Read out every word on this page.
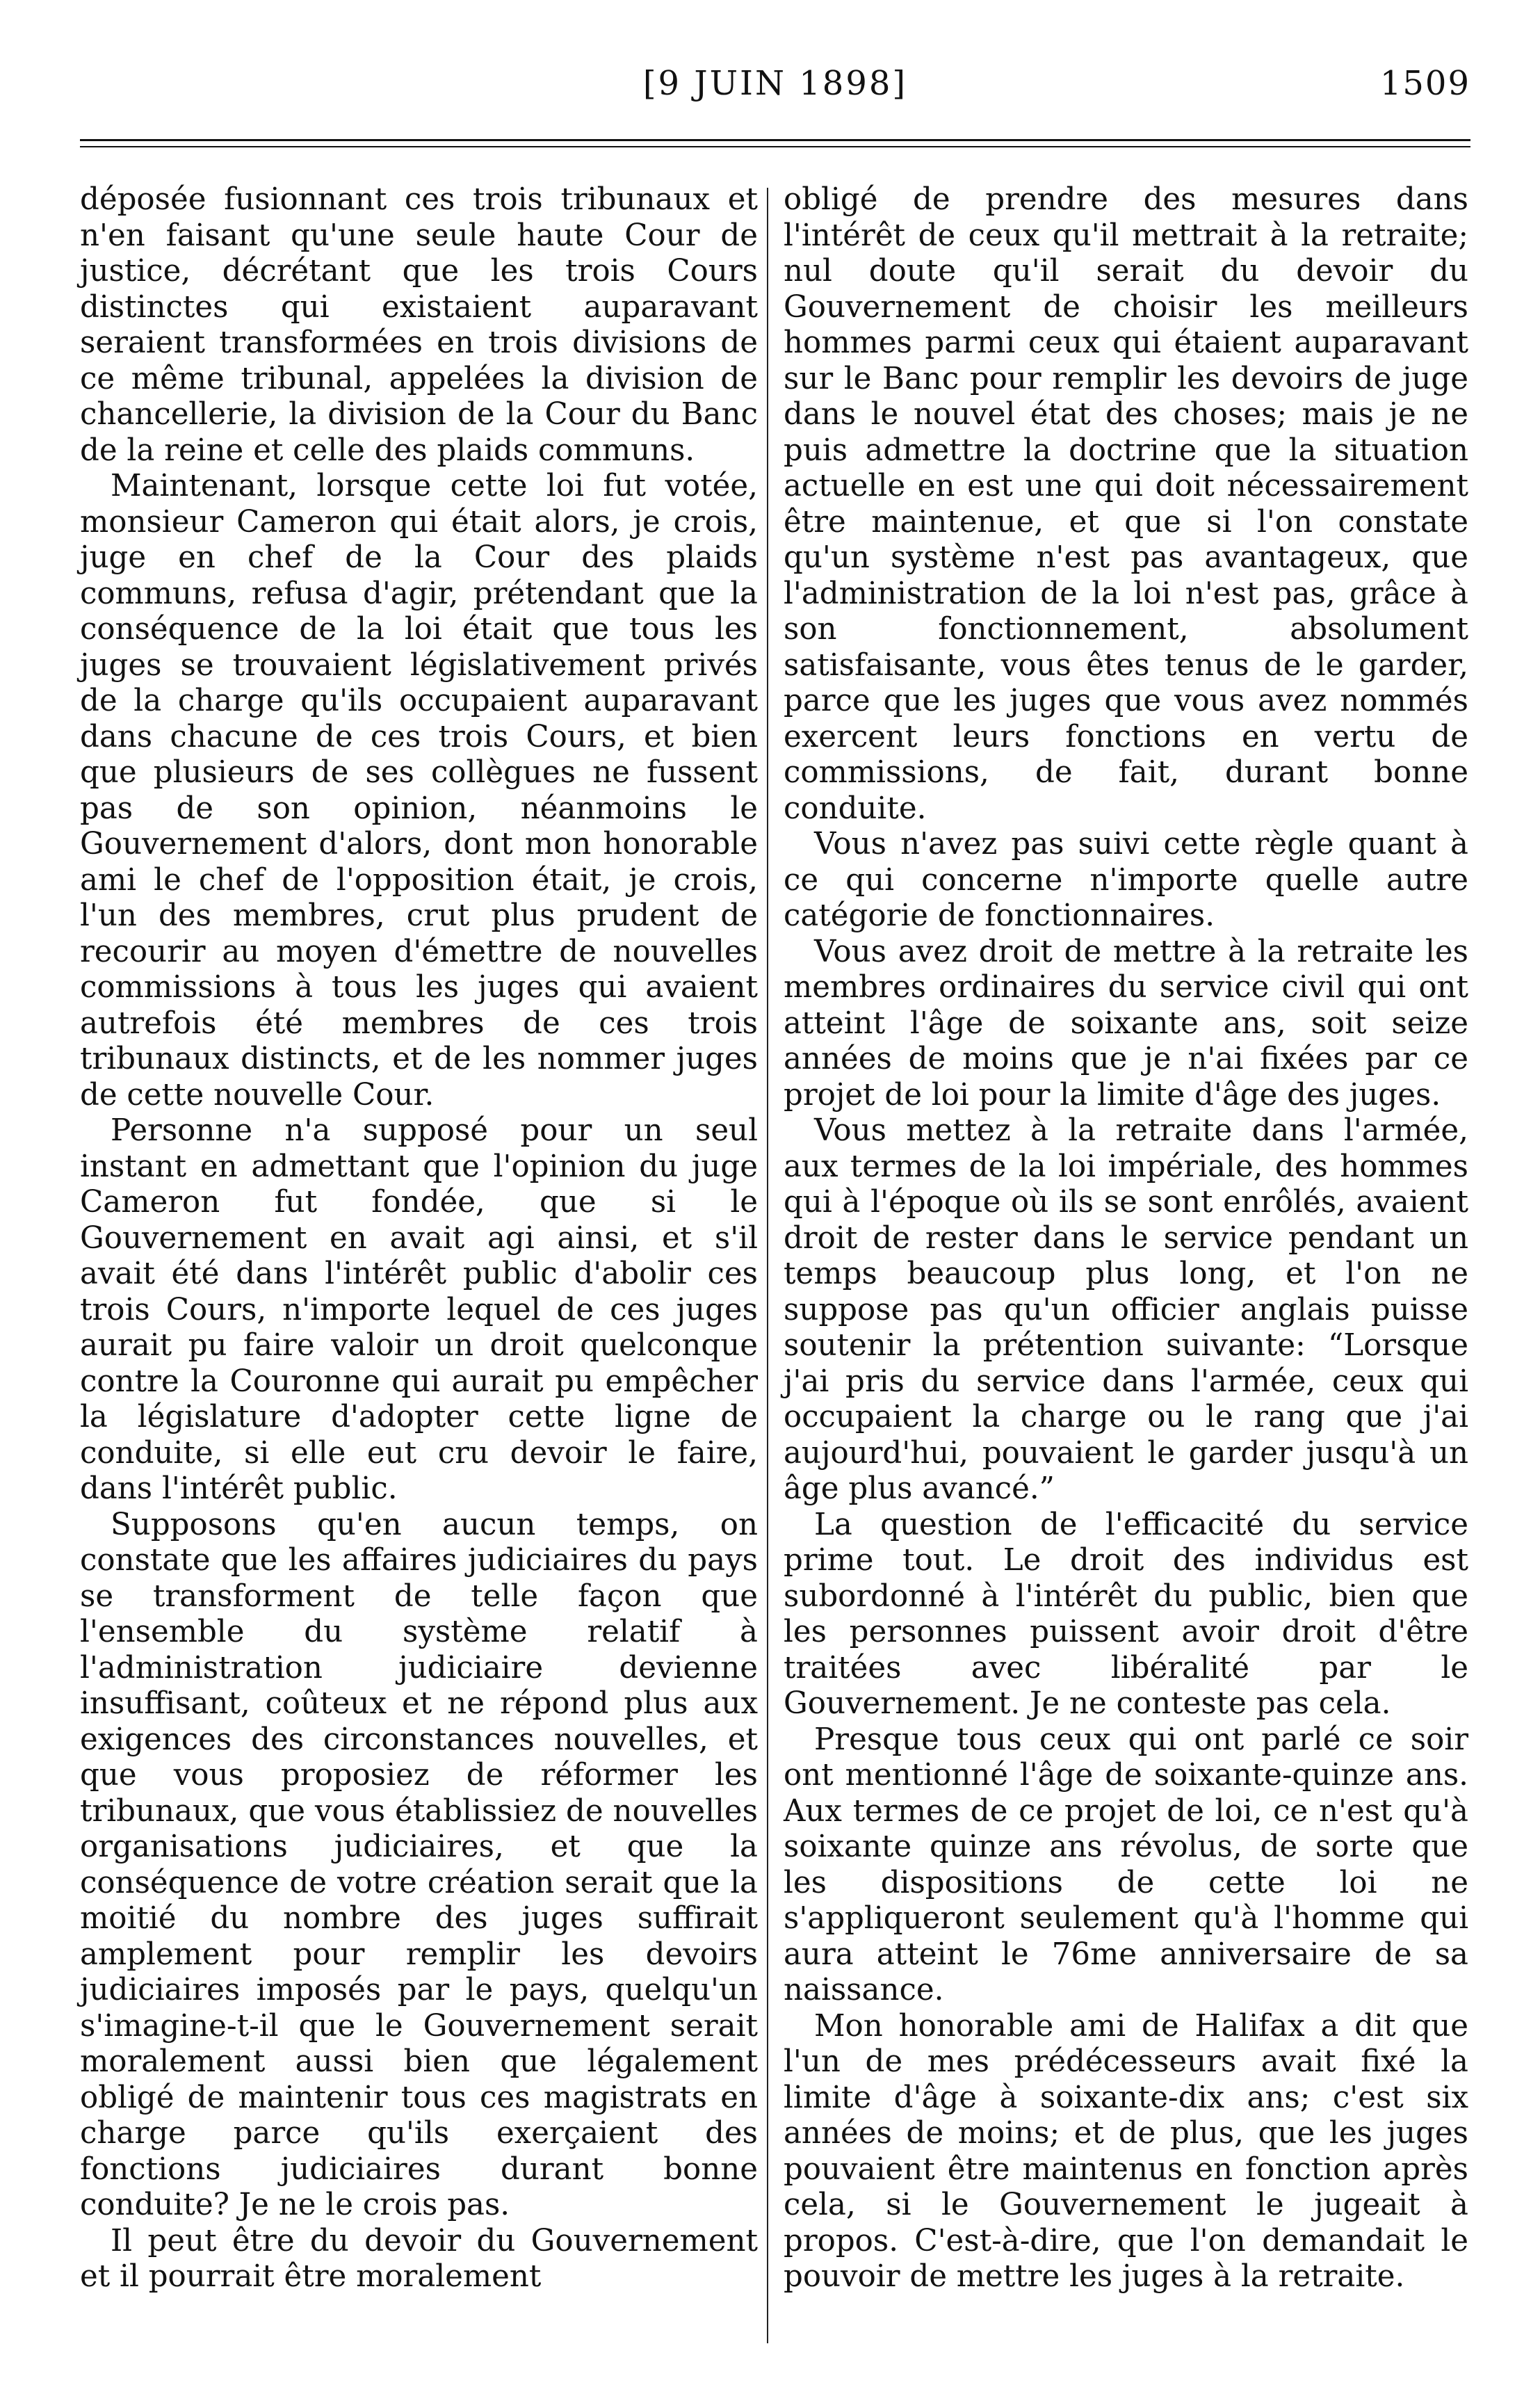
[9 JUIN 1898]	1509

déposée fusionnant ces trois tribunaux et n'en faisant qu'une seule haute Cour de justice, décrétant que les trois Cours distinctes qui existaient auparavant seraient transformées en trois divisions de ce même tribunal, appelées la division de chancellerie, la division de la Cour du Banc de la reine et celle des plaids communs.

Maintenant, lorsque cette loi fut votée, monsieur Cameron qui était alors, je crois, juge en chef de la Cour des plaids communs, refusa d'agir, prétendant que la conséquence de la loi était que tous les juges se trouvaient législativement privés de la charge qu'ils occupaient auparavant dans chacune de ces trois Cours, et bien que plusieurs de ses collègues ne fussent pas de son opinion, néanmoins le Gouvernement d'alors, dont mon honorable ami le chef de l'opposition était, je crois, l'un des membres, crut plus prudent de recourir au moyen d'émettre de nouvelles commissions à tous les juges qui avaient autrefois été membres de ces trois tribunaux distincts, et de les nommer juges de cette nouvelle Cour.

Personne n'a supposé pour un seul instant en admettant que l'opinion du juge Cameron fut fondée, que si le Gouvernement en avait agi ainsi, et s'il avait été dans l'intérêt public d'abolir ces trois Cours, n'importe lequel de ces juges aurait pu faire valoir un droit quelconque contre la Couronne qui aurait pu empêcher la législature d'adopter cette ligne de conduite, si elle eut cru devoir le faire, dans l'intérêt public.

Supposons qu'en aucun temps, on constate que les affaires judiciaires du pays se transforment de telle façon que l'ensemble du système relatif à l'administration judiciaire devienne insuffisant, coûteux et ne répond plus aux exigences des circonstances nouvelles, et que vous proposiez de réformer les tribunaux, que vous établissiez de nouvelles organisations judiciaires, et que la conséquence de votre création serait que la moitié du nombre des juges suffirait amplement pour remplir les devoirs judiciaires imposés par le pays, quelqu'un s'imagine-t-il que le Gouvernement serait moralement aussi bien que légalement obligé de maintenir tous ces magistrats en charge parce qu'ils exerçaient des fonctions judiciaires durant bonne conduite? Je ne le crois pas.

Il peut être du devoir du Gouvernement et il pourrait être moralement

obligé de prendre des mesures dans l'intérêt de ceux qu'il mettrait à la retraite; nul doute qu'il serait du devoir du Gouvernement de choisir les meilleurs hommes parmi ceux qui étaient auparavant sur le Banc pour remplir les devoirs de juge dans le nouvel état des choses; mais je ne puis admettre la doctrine que la situation actuelle en est une qui doit nécessairement être maintenue, et que si l'on constate qu'un système n'est pas avantageux, que l'administration de la loi n'est pas, grâce à son fonctionnement, absolument satisfaisante, vous êtes tenus de le garder, parce que les juges que vous avez nommés exercent leurs fonctions en vertu de commissions, de fait, durant bonne conduite.

Vous n'avez pas suivi cette règle quant à ce qui concerne n'importe quelle autre catégorie de fonctionnaires.

Vous avez droit de mettre à la retraite les membres ordinaires du service civil qui ont atteint l'âge de soixante ans, soit seize années de moins que je n'ai fixées par ce projet de loi pour la limite d'âge des juges.

Vous mettez à la retraite dans l'armée, aux termes de la loi impériale, des hommes qui à l'époque où ils se sont enrôlés, avaient droit de rester dans le service pendant un temps beaucoup plus long, et l'on ne suppose pas qu'un officier anglais puisse soutenir la prétention suivante: “Lorsque j'ai pris du service dans l'armée, ceux qui occupaient la charge ou le rang que j'ai aujourd'hui, pouvaient le garder jusqu'à un âge plus avancé.”

La question de l'efficacité du service prime tout. Le droit des individus est subordonné à l'intérêt du public, bien que les personnes puissent avoir droit d'être traitées avec libéralité par le Gouvernement. Je ne conteste pas cela.

Presque tous ceux qui ont parlé ce soir ont mentionné l'âge de soixante-quinze ans. Aux termes de ce projet de loi, ce n'est qu'à soixante quinze ans révolus, de sorte que les dispositions de cette loi ne s'appliqueront seulement qu'à l'homme qui aura atteint le 76me anniversaire de sa naissance.

Mon honorable ami de Halifax a dit que l'un de mes prédécesseurs avait fixé la limite d'âge à soixante-dix ans; c'est six années de moins; et de plus, que les juges pouvaient être maintenus en fonction après cela, si le Gouvernement le jugeait à propos. C'est-à-dire, que l'on demandait le pouvoir de mettre les juges à la retraite.
